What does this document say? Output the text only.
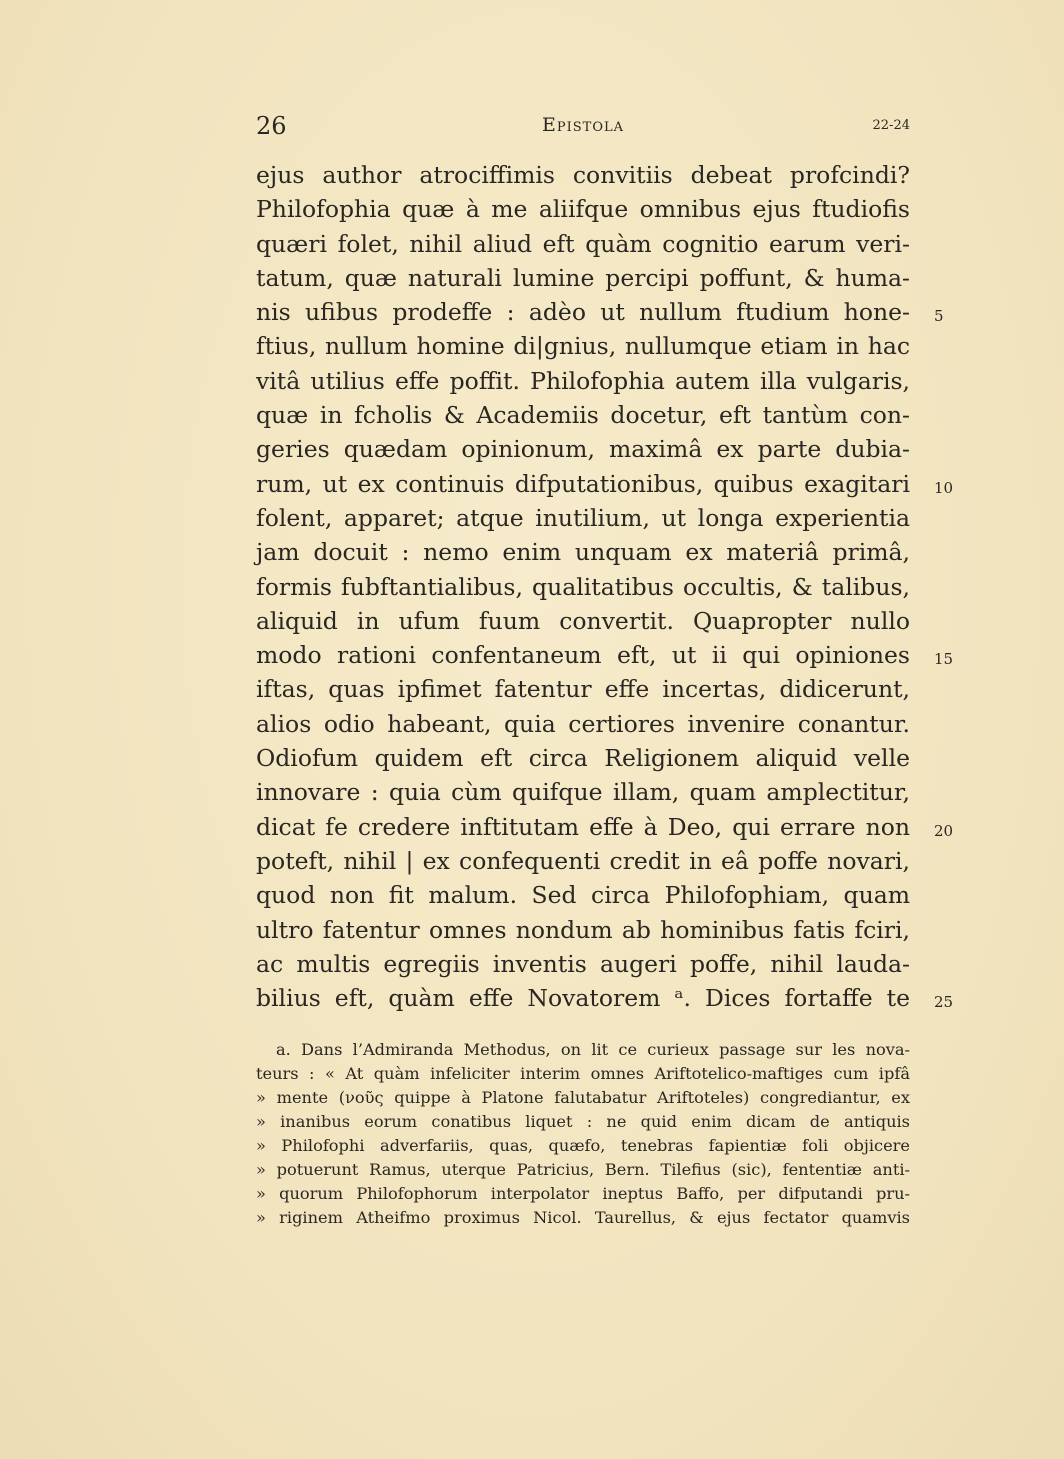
26	Epistola	22-24
ejus author atrociffimis convitiis debeat profcindi?
Philofophia quæ à me aliifque omnibus ejus ftudiofis
quæri folet, nihil aliud eft quàm cognitio earum veri-
tatum, quæ naturali lumine percipi poffunt, & huma-
nis ufibus prodeffe : adèo ut nullum ftudium hone- 5
ftius, nullum homine di|gnius, nullumque etiam in hac
vitâ utilius effe poffit. Philofophia autem illa vulgaris,
quæ in fcholis & Academiis docetur, eft tantùm con-
geries quædam opinionum, maximâ ex parte dubia-
rum, ut ex continuis difputationibus, quibus exagitari 10
folent, apparet; atque inutilium, ut longa experientia
jam docuit : nemo enim unquam ex materiâ primâ,
formis fubftantialibus, qualitatibus occultis, & talibus,
aliquid in ufum fuum convertit. Quapropter nullo
modo rationi confentaneum eft, ut ii qui opiniones 15
iftas, quas ipfimet fatentur effe incertas, didicerunt,
alios odio habeant, quia certiores invenire conantur.
Odiofum quidem eft circa Religionem aliquid velle
innovare : quia cùm quifque illam, quam amplectitur,
dicat fe credere inftitutam effe à Deo, qui errare non 20
poteft, nihil | ex confequenti credit in eâ poffe novari,
quod non fit malum. Sed circa Philofophiam, quam
ultro fatentur omnes nondum ab hominibus fatis fciri,
ac multis egregiis inventis augeri poffe, nihil lauda-
bilius eft, quàm effe Novatorem ᵃ. Dices fortaffe te 25
a. Dans l’Admiranda Methodus, on lit ce curieux passage sur les nova-
teurs : « At quàm infeliciter interim omnes Ariftotelico-maftiges cum ipfâ
» mente (νοῦς quippe à Platone falutabatur Ariftoteles) congrediantur, ex
» inanibus eorum conatibus liquet : ne quid enim dicam de antiquis
» Philofophi adverfariis, quas, quæfo, tenebras fapientiæ foli objicere
» potuerunt Ramus, uterque Patricius, Bern. Tilefius (sic), fententiæ anti-
» quorum Philofophorum interpolator ineptus Baffo, per difputandi pru-
» riginem Atheifmo proximus Nicol. Taurellus, & ejus fectator quamvis
